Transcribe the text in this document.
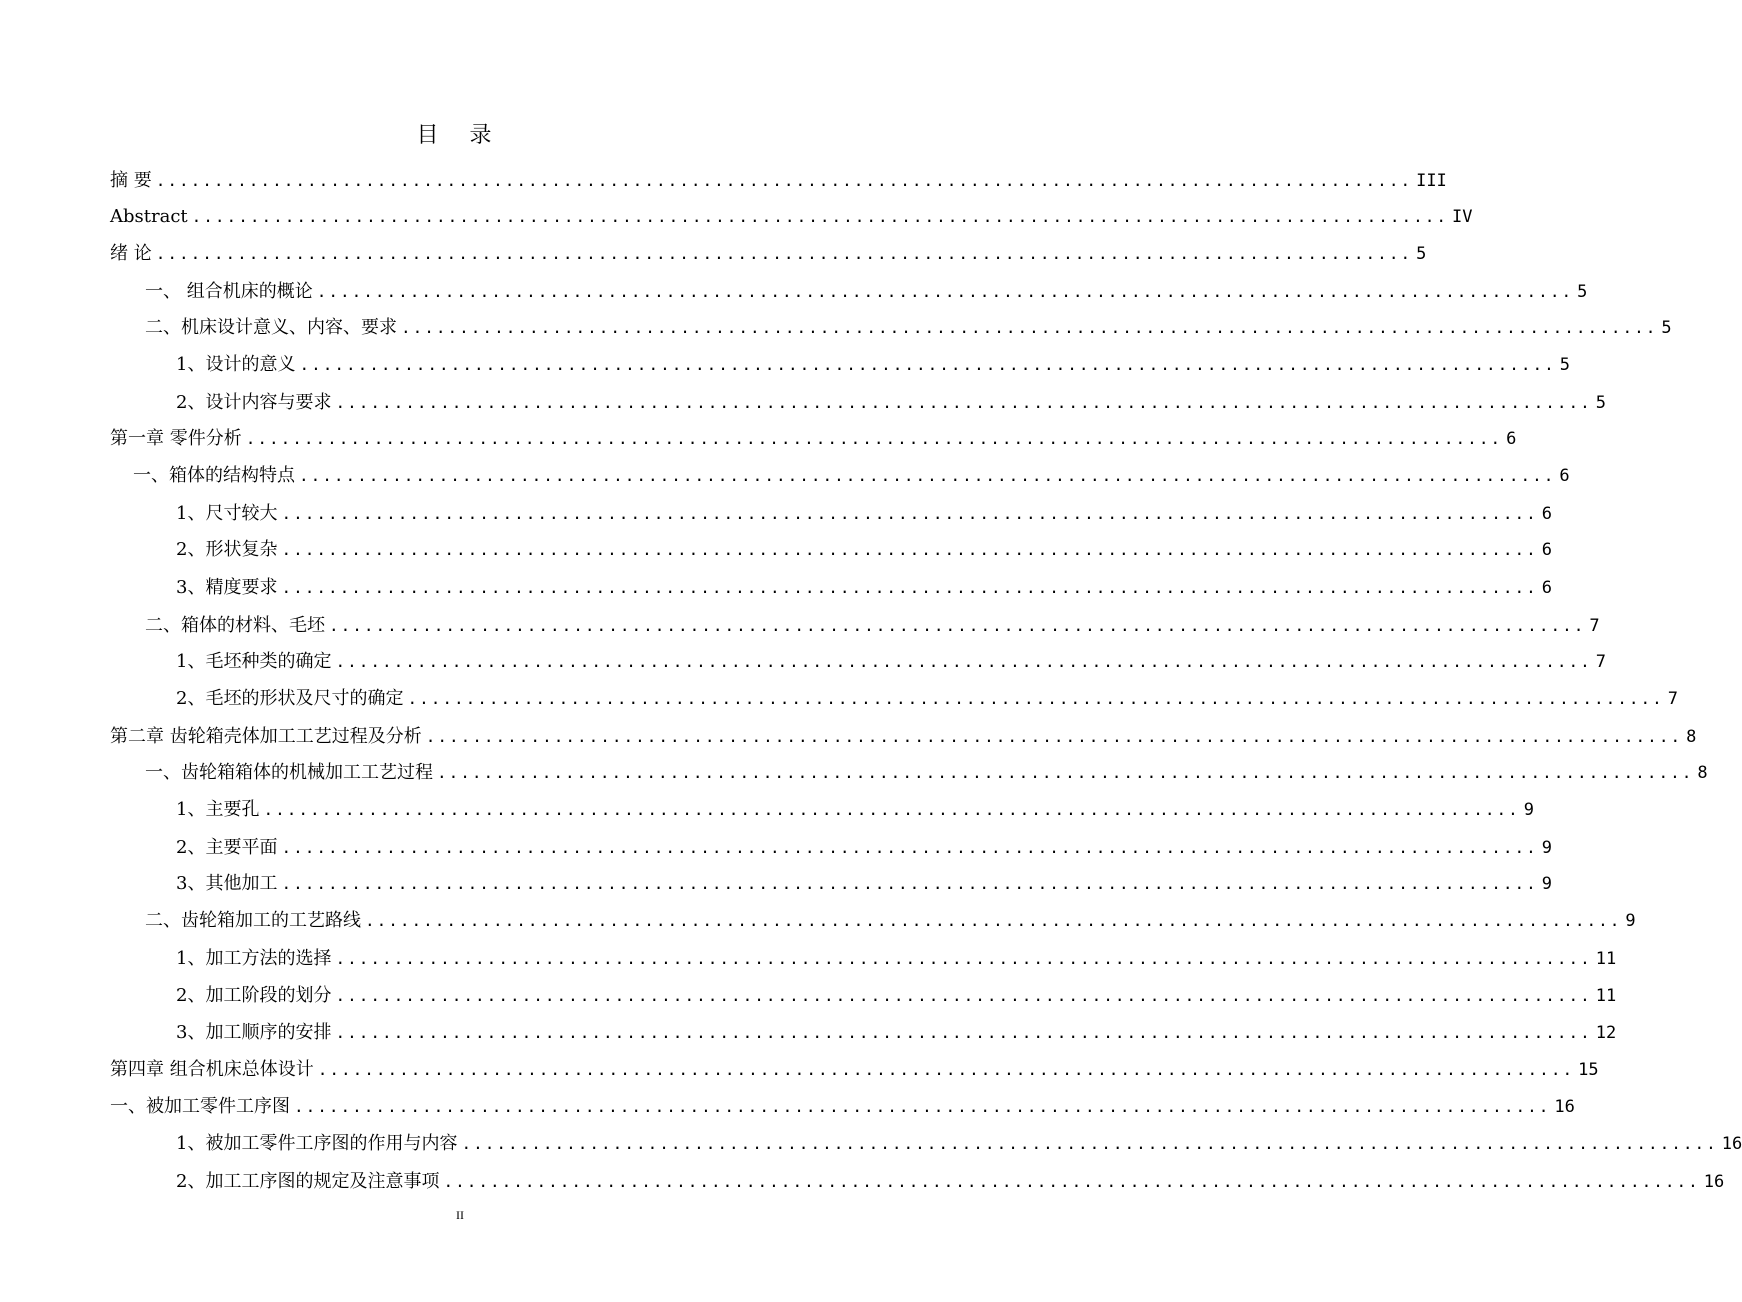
目 录
摘 要 ............................................................................................................ III
Abstract ............................................................................................................ IV
绪 论 ............................................................................................................ 5
一、 组合机床的概论 ............................................................................................................ 5
二、机床设计意义、内容、要求 ............................................................................................................ 5
1、设计的意义 ............................................................................................................ 5
2、设计内容与要求 ............................................................................................................ 5
第一章 零件分析 ............................................................................................................ 6
一、箱体的结构特点 ............................................................................................................ 6
1、尺寸较大 ............................................................................................................ 6
2、形状复杂 ............................................................................................................ 6
3、精度要求 ............................................................................................................ 6
二、箱体的材料、毛坯 ............................................................................................................ 7
1、毛坯种类的确定 ............................................................................................................ 7
2、毛坯的形状及尺寸的确定 ............................................................................................................ 7
第二章 齿轮箱壳体加工工艺过程及分析 ............................................................................................................ 8
一、齿轮箱箱体的机械加工工艺过程 ............................................................................................................ 8
1、主要孔 ............................................................................................................ 9
2、主要平面 ............................................................................................................ 9
3、其他加工 ............................................................................................................ 9
二、齿轮箱加工的工艺路线 ............................................................................................................ 9
1、加工方法的选择 ............................................................................................................ 11
2、加工阶段的划分 ............................................................................................................ 11
3、加工顺序的安排 ............................................................................................................ 12
第四章 组合机床总体设计 ............................................................................................................ 15
一、被加工零件工序图 ............................................................................................................ 16
1、被加工零件工序图的作用与内容 ............................................................................................................ 16
2、加工工序图的规定及注意事项 ............................................................................................................ 16
II
